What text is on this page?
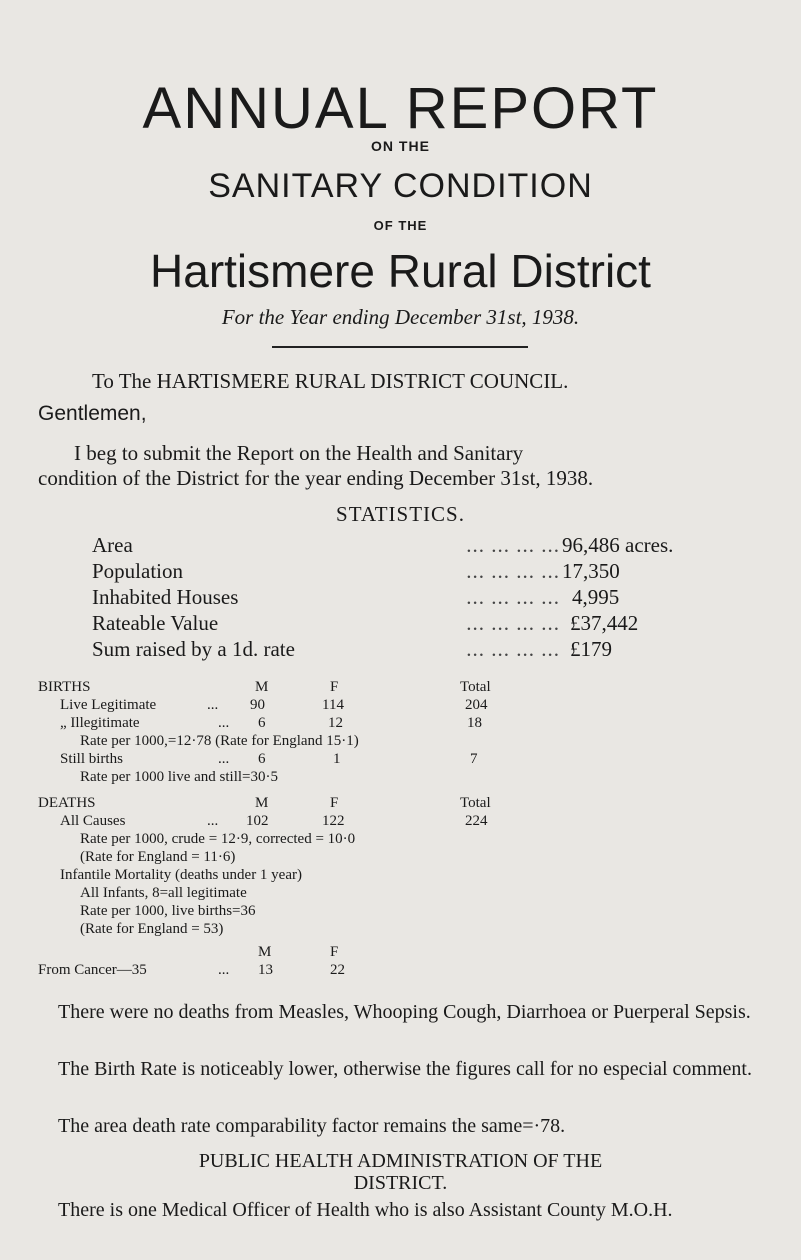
ANNUAL REPORT

ON THE

SANITARY CONDITION

OF THE

Hartismere Rural District

For the Year ending December 31st, 1938.

To The HARTISMERE RURAL DISTRICT COUNCIL.

Gentlemen,

I beg to submit the Report on the Health and Sanitary
condition of the District for the year ending December 31st, 1938.

STATISTICS.

Area	... ... ... ... 96,486 acres.
Population	... ... ... ... 17,350
Inhabited Houses	... ... ... ... 4,995
Rateable Value	... ... ... ... £37,442
Sum raised by a 1d. rate	... ... ... ... £179
BIRTHS	M	F	Total
Live Legitimate	... 90	114	204
„ Illegitimate	... 6	12	18
Rate per 1000,=12·78 (Rate for England 15·1)
Still births	... 6	1	7
Rate per 1000 live and still=30·5
DEATHS	M	F	Total
All Causes	... 102	122	224
Rate per 1000, crude = 12·9, corrected = 10·0
(Rate for England = 11·6)
Infantile Mortality (deaths under 1 year)
All Infants, 8=all legitimate
Rate per 1000, live births=36
(Rate for England = 53)
M	F
From Cancer—35	... 13	22

There were no deaths from Measles, Whooping Cough, Diarrhoea or Puerperal Sepsis.

The Birth Rate is noticeably lower, otherwise the figures call for no especial comment.

The area death rate comparability factor remains the same=·78.

PUBLIC HEALTH ADMINISTRATION OF THE

DISTRICT.

There is one Medical Officer of Health who is also Assistant County M.O.H.
